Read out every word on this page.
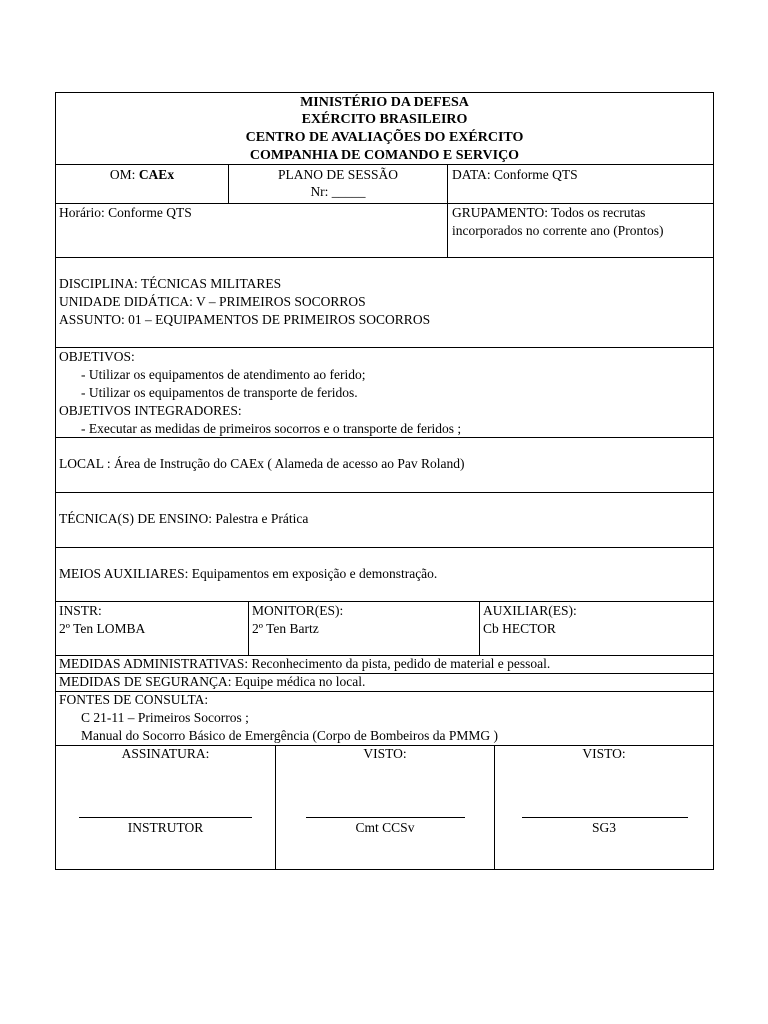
MINISTÉRIO DA DEFESA
EXÉRCITO BRASILEIRO
CENTRO DE AVALIAÇÕES DO EXÉRCITO
COMPANHIA DE COMANDO E SERVIÇO
OM: CAEx	PLANO DE SESSÃO
Nr: _____
DATA: Conforme QTS
Horário: Conforme QTS	GRUPAMENTO: Todos os recrutas
incorporados no corrente ano (Prontos)
DISCIPLINA: TÉCNICAS MILITARES
UNIDADE DIDÁTICA: V – PRIMEIROS SOCORROS
ASSUNTO: 01 – EQUIPAMENTOS DE PRIMEIROS SOCORROS
OBJETIVOS:
- Utilizar os equipamentos de atendimento ao ferido;
- Utilizar os equipamentos de transporte de feridos.
OBJETIVOS INTEGRADORES:
- Executar as medidas de primeiros socorros e o transporte de feridos ;
LOCAL : Área de Instrução do CAEx ( Alameda de acesso ao Pav Roland)
TÉCNICA(S) DE ENSINO: Palestra e Prática
MEIOS AUXILIARES: Equipamentos em exposição e demonstração.
INSTR:
2º Ten LOMBA
MONITOR(ES):
2º Ten Bartz
AUXILIAR(ES):
Cb HECTOR
MEDIDAS ADMINISTRATIVAS: Reconhecimento da pista, pedido de material e pessoal.
MEDIDAS DE SEGURANÇA: Equipe médica no local.
FONTES DE CONSULTA:
C 21-11 – Primeiros Socorros ;
Manual do Socorro Básico de Emergência (Corpo de Bombeiros da PMMG )
ASSINATURA:
INSTRUTOR
VISTO:
Cmt CCSv
VISTO:
SG3
